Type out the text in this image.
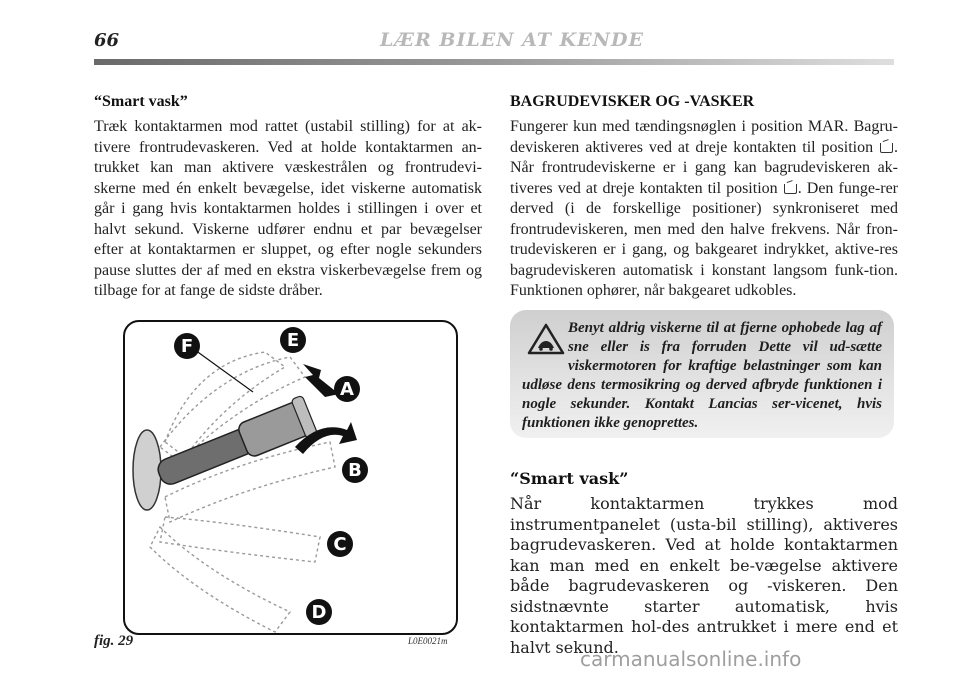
66	LÆR BILEN AT KENDE

“Smart vask”

Træk kontaktarmen mod rattet (ustabil stilling) for at ak-tivere frontrudevaskeren. Ved at holde kontaktarmen an-trukket kan man aktivere væskestrålen og frontrudevi-skerne med én enkelt bevægelse, idet viskerne automatisk går i gang hvis kontaktarmen holdes i stillingen i over et halvt sekund. Viskerne udfører endnu et par bevægelser efter at kontaktarmen er sluppet, og efter nogle sekunders pause sluttes der af med en ekstra viskerbevægelse frem og tilbage for at fange de sidste dråber.

BAGRUDEVISKER OG -VASKER

Fungerer kun med tændingsnøglen i position MAR. Bagru-deviskeren aktiveres ved at dreje kontakten til position . Når frontrudeviskerne er i gang kan bagrudeviskeren ak-tiveres ved at dreje kontakten til position . Den funge-rer derved (i de forskellige positioner) synkroniseret med frontrudeviskeren, men med den halve frekvens. Når fron-trudeviskeren er i gang, og bakgearet indrykket, aktive-res bagrudeviskeren automatisk i konstant langsom funk-tion. Funktionen ophører, når bakgearet udkobles.

Benyt aldrig viskerne til at fjerne ophobede lag af sne eller is fra forruden Dette vil ud-sætte viskermotoren for kraftige belastninger som kan udløse dens termosikring og derved afbryde funktionen i nogle sekunder. Kontakt Lancias ser-vicenet, hvis funktionen ikke genoprettes.

“Smart vask”

Når kontaktarmen trykkes mod instrumentpanelet (usta-bil stilling), aktiveres bagrudevaskeren. Ved at holde kontaktarmen kan man med en enkelt be-vægelse aktivere både bagrudevaskeren og -viskeren. Den sidstnævnte starter automatisk, hvis kontaktarmen hol-des antrukket i mere end et halvt sekund.

F	E
A
B
C
D
fig. 29	L0E0021m
carmanualsonline.info
